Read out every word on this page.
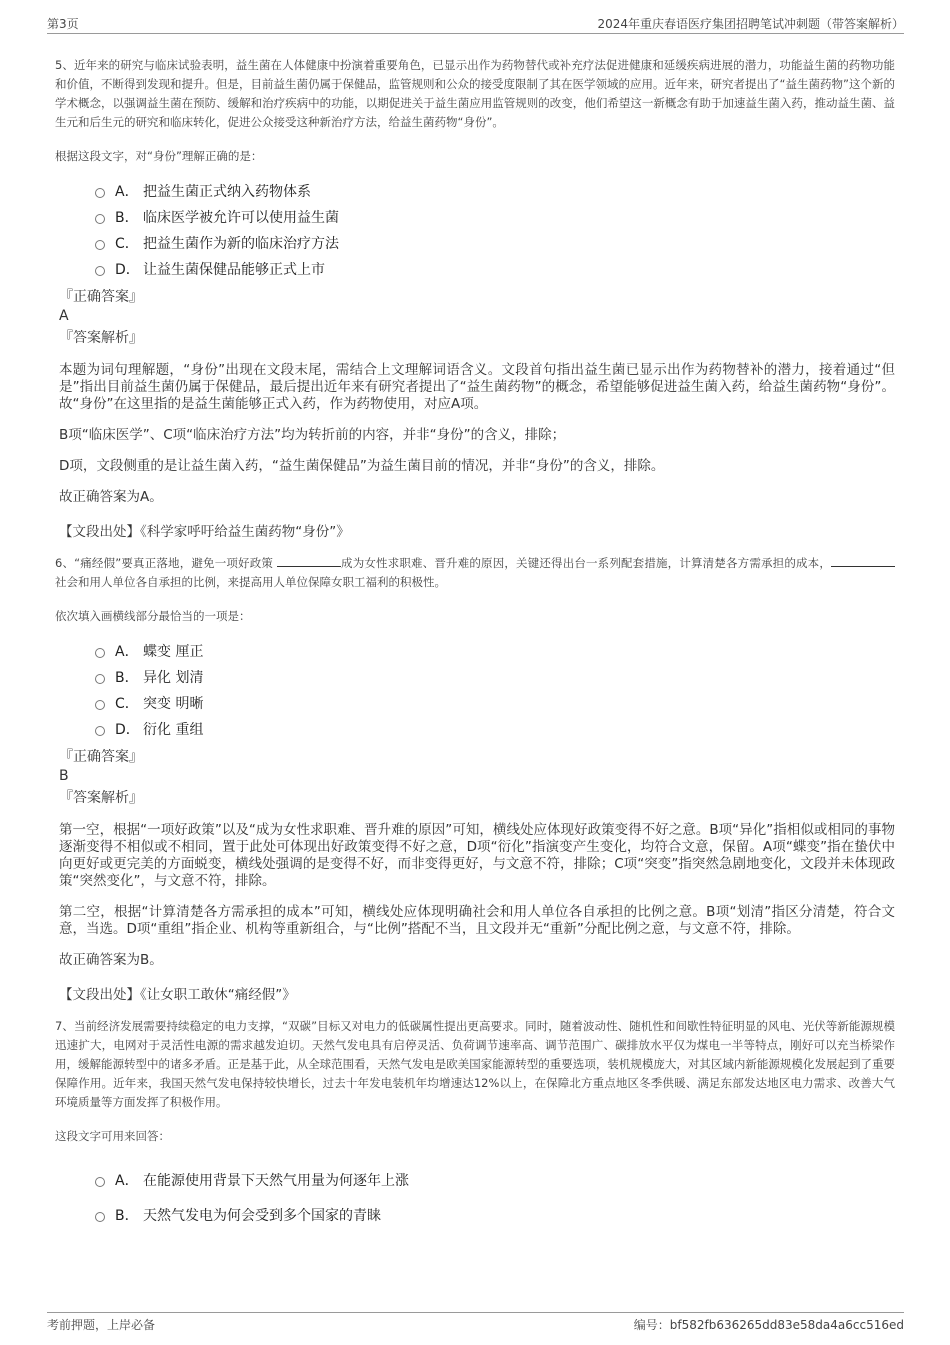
第3页	2024年重庆春语医疗集团招聘笔试冲刺题（带答案解析）

5、近年来的研究与临床试验表明，益生菌在人体健康中扮演着重要角色，已显示出作为药物替代或补充疗法促进健康和延缓疾病进展的潜力，功能益生菌的药物功能和价值，不断得到发现和提升。但是，目前益生菌仍属于保健品，监管规则和公众的接受度限制了其在医学领域的应用。近年来，研究者提出了“益生菌药物”这个新的学术概念，以强调益生菌在预防、缓解和治疗疾病中的功能，以期促进关于益生菌应用监管规则的改变，他们希望这一新概念有助于加速益生菌入药，推动益生菌、益生元和后生元的研究和临床转化，促进公众接受这种新治疗方法，给益生菌药物“身份”。

根据这段文字，对“身份”理解正确的是：

A． 把益生菌正式纳入药物体系
B． 临床医学被允许可以使用益生菌
C． 把益生菌作为新的临床治疗方法
D． 让益生菌保健品能够正式上市
『正确答案』
A
『答案解析』

本题为词句理解题，“身份”出现在文段末尾，需结合上文理解词语含义。文段首句指出益生菌已显示出作为药物替补的潜力，接着通过“但是”指出目前益生菌仍属于保健品，最后提出近年来有研究者提出了“益生菌药物”的概念，希望能够促进益生菌入药，给益生菌药物“身份”。故“身份”在这里指的是益生菌能够正式入药，作为药物使用，对应A项。

B项“临床医学”、C项“临床治疗方法”均为转折前的内容，并非“身份”的含义，排除；

D项，文段侧重的是让益生菌入药，“益生菌保健品”为益生菌目前的情况，并非“身份”的含义，排除。

故正确答案为A。

【文段出处】《科学家呼吁给益生菌药物“身份”》

6、“痛经假”要真正落地，避免一项好政策	成为女性求职难、晋升难的原因，关键还得出台一系列配套措施，计算清楚各方需承担的成本，社会和用人单位各自承担的比例，来提高用人单位保障女职工福利的积极性。

依次填入画横线部分最恰当的一项是：

A． 蝶变 厘正
B． 异化 划清
C． 突变 明晰
D． 衍化 重组
『正确答案』
B
『答案解析』

第一空，根据“一项好政策”以及“成为女性求职难、晋升难的原因”可知，横线处应体现好政策变得不好之意。B项“异化”指相似或相同的事物逐渐变得不相似或不相同，置于此处可体现出好政策变得不好之意，D项“衍化”指演变产生变化，均符合文意，保留。A项“蝶变”指在蛰伏中向更好或更完美的方面蜕变，横线处强调的是变得不好，而非变得更好，与文意不符，排除；C项“突变”指突然急剧地变化，文段并未体现政策“突然变化”，与文意不符，排除。

第二空，根据“计算清楚各方需承担的成本”可知，横线处应体现明确社会和用人单位各自承担的比例之意。B项“划清”指区分清楚，符合文意，当选。D项“重组”指企业、机构等重新组合，与“比例”搭配不当，且文段并无“重新”分配比例之意，与文意不符，排除。

故正确答案为B。

【文段出处】《让女职工敢休“痛经假”》

7、当前经济发展需要持续稳定的电力支撑，“双碳”目标又对电力的低碳属性提出更高要求。同时，随着波动性、随机性和间歇性特征明显的风电、光伏等新能源规模迅速扩大，电网对于灵活性电源的需求越发迫切。天然气发电具有启停灵活、负荷调节速率高、调节范围广、碳排放水平仅为煤电一半等特点，刚好可以充当桥梁作用，缓解能源转型中的诸多矛盾。正是基于此，从全球范围看，天然气发电是欧美国家能源转型的重要选项，装机规模庞大，对其区域内新能源规模化发展起到了重要保障作用。近年来，我国天然气发电保持较快增长，过去十年发电装机年均增速达12%以上，在保障北方重点地区冬季供暖、满足东部发达地区电力需求、改善大气环境质量等方面发挥了积极作用。

这段文字可用来回答：

A． 在能源使用背景下天然气用量为何逐年上涨
B． 天然气发电为何会受到多个国家的青睐
考前押题，上岸必备	编号：bf582fb636265dd83e58da4a6cc516ed
